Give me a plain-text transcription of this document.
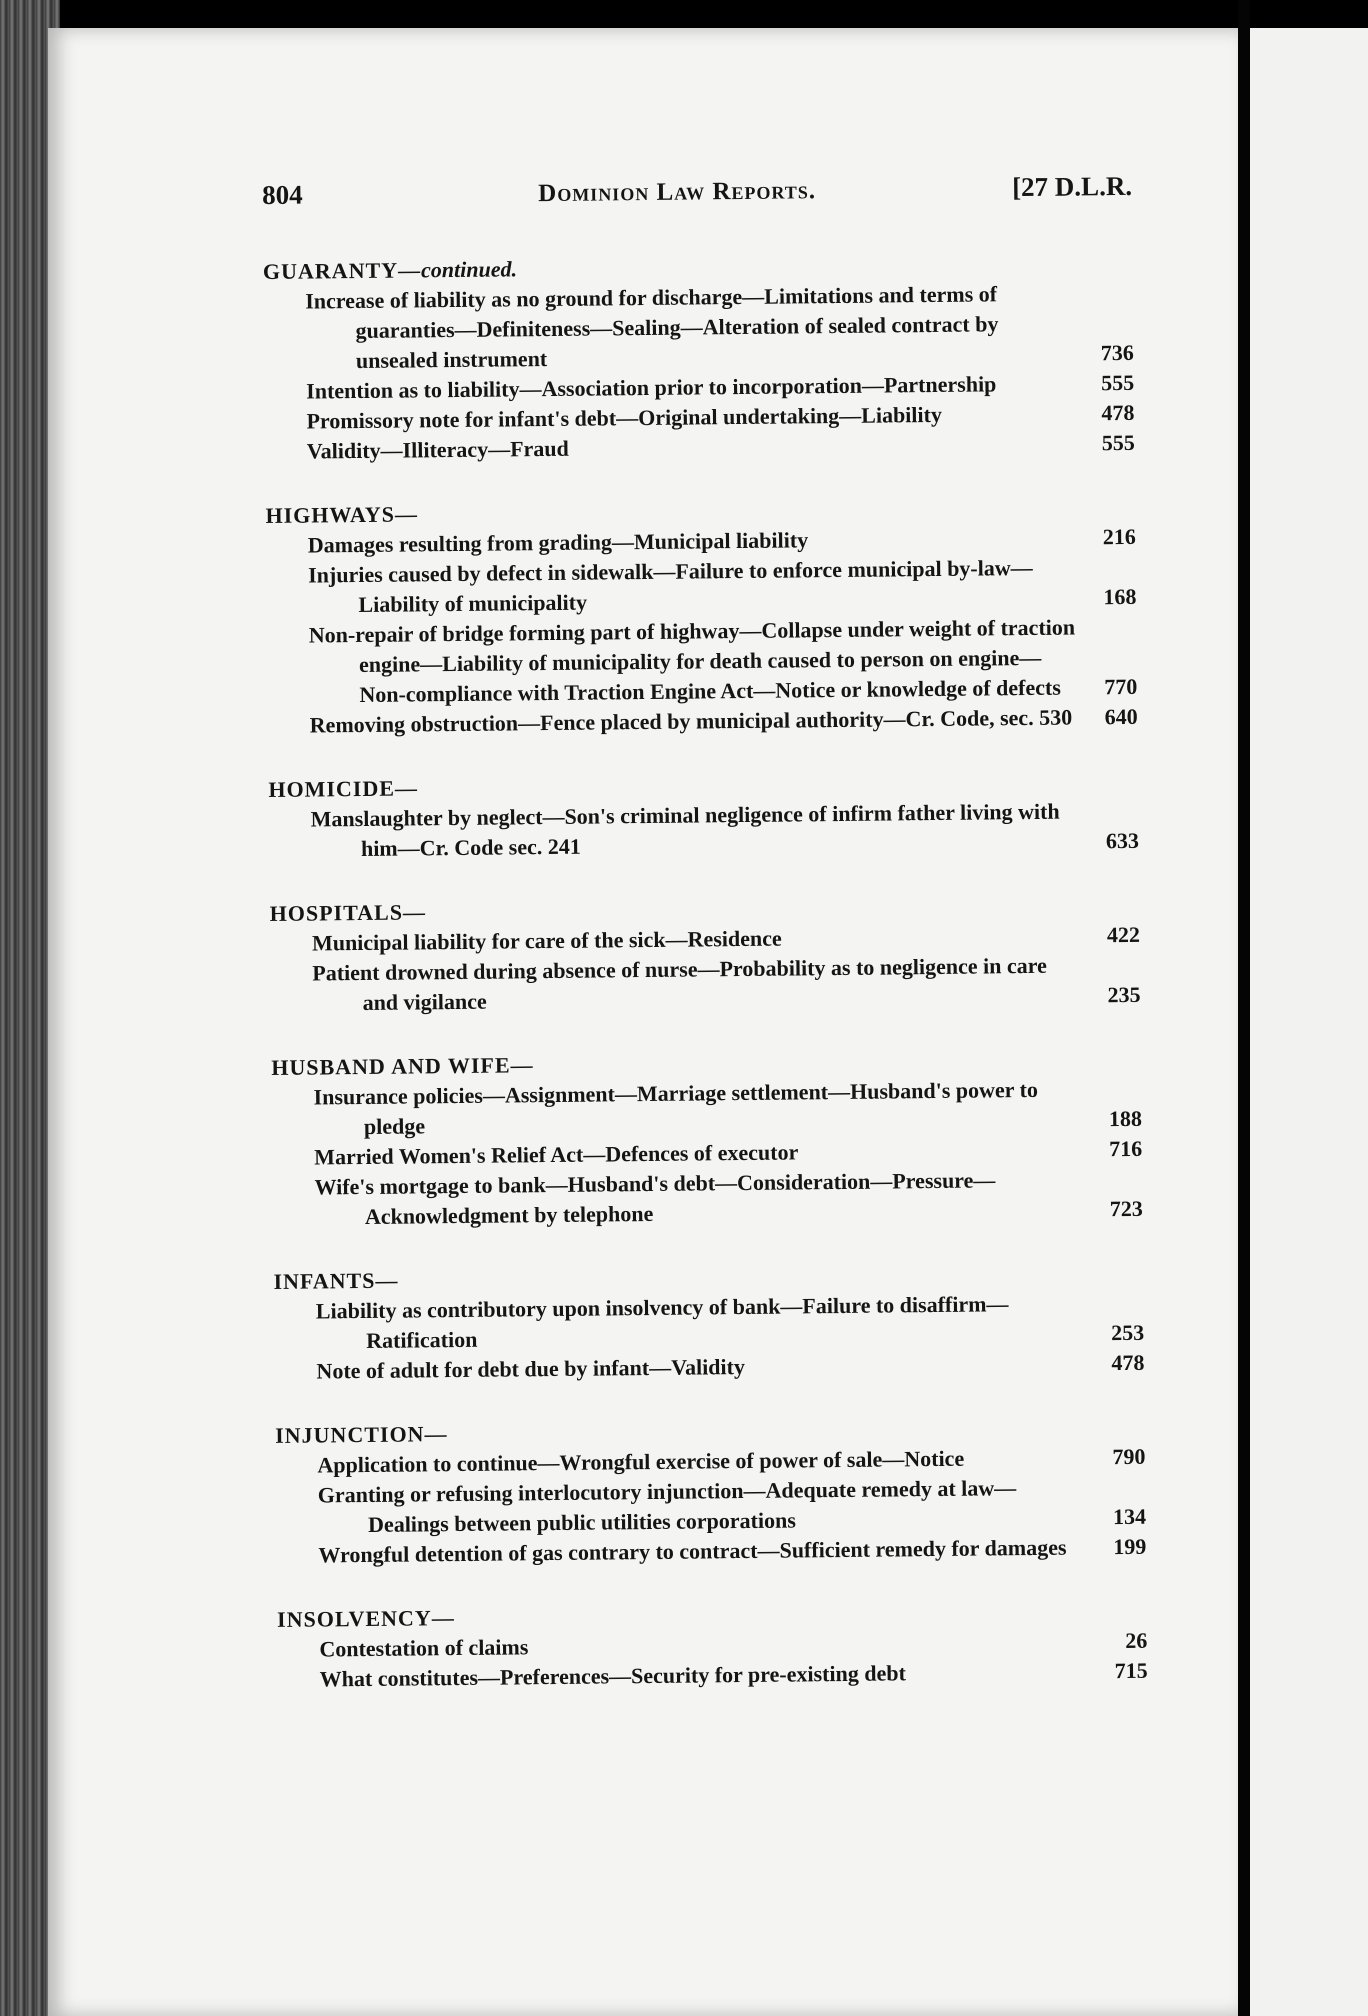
804	Dominion Law Reports.	[27 D.L.R.
GUARANTY—continued.
Increase of liability as no ground for discharge—Limitations and terms of guaranties—Definiteness—Sealing—Alteration of sealed contract by unsealed instrument	736
Intention as to liability—Association prior to incorporation—Partnership	555
Promissory note for infant's debt—Original undertaking—Liability	478
Validity—Illiteracy—Fraud	555
HIGHWAYS—
Damages resulting from grading—Municipal liability	216
Injuries caused by defect in sidewalk—Failure to enforce municipal by-law—Liability of municipality	168
Non-repair of bridge forming part of highway—Collapse under weight of traction engine—Liability of municipality for death caused to person on engine—Non-compliance with Traction Engine Act—Notice or knowledge of defects	770
Removing obstruction—Fence placed by municipal authority—Cr. Code, sec. 530	640
HOMICIDE—
Manslaughter by neglect—Son's criminal negligence of infirm father living with him—Cr. Code sec. 241	633
HOSPITALS—
Municipal liability for care of the sick—Residence	422
Patient drowned during absence of nurse—Probability as to negligence in care and vigilance	235
HUSBAND AND WIFE—
Insurance policies—Assignment—Marriage settlement—Husband's power to pledge	188
Married Women's Relief Act—Defences of executor	716
Wife's mortgage to bank—Husband's debt—Consideration—Pressure—Acknowledgment by telephone	723
INFANTS—
Liability as contributory upon insolvency of bank—Failure to disaffirm—Ratification	253
Note of adult for debt due by infant—Validity	478
INJUNCTION—
Application to continue—Wrongful exercise of power of sale—Notice	790
Granting or refusing interlocutory injunction—Adequate remedy at law—Dealings between public utilities corporations	134
Wrongful detention of gas contrary to contract—Sufficient remedy for damages	199
INSOLVENCY—
Contestation of claims	26
What constitutes—Preferences—Security for pre-existing debt	715
